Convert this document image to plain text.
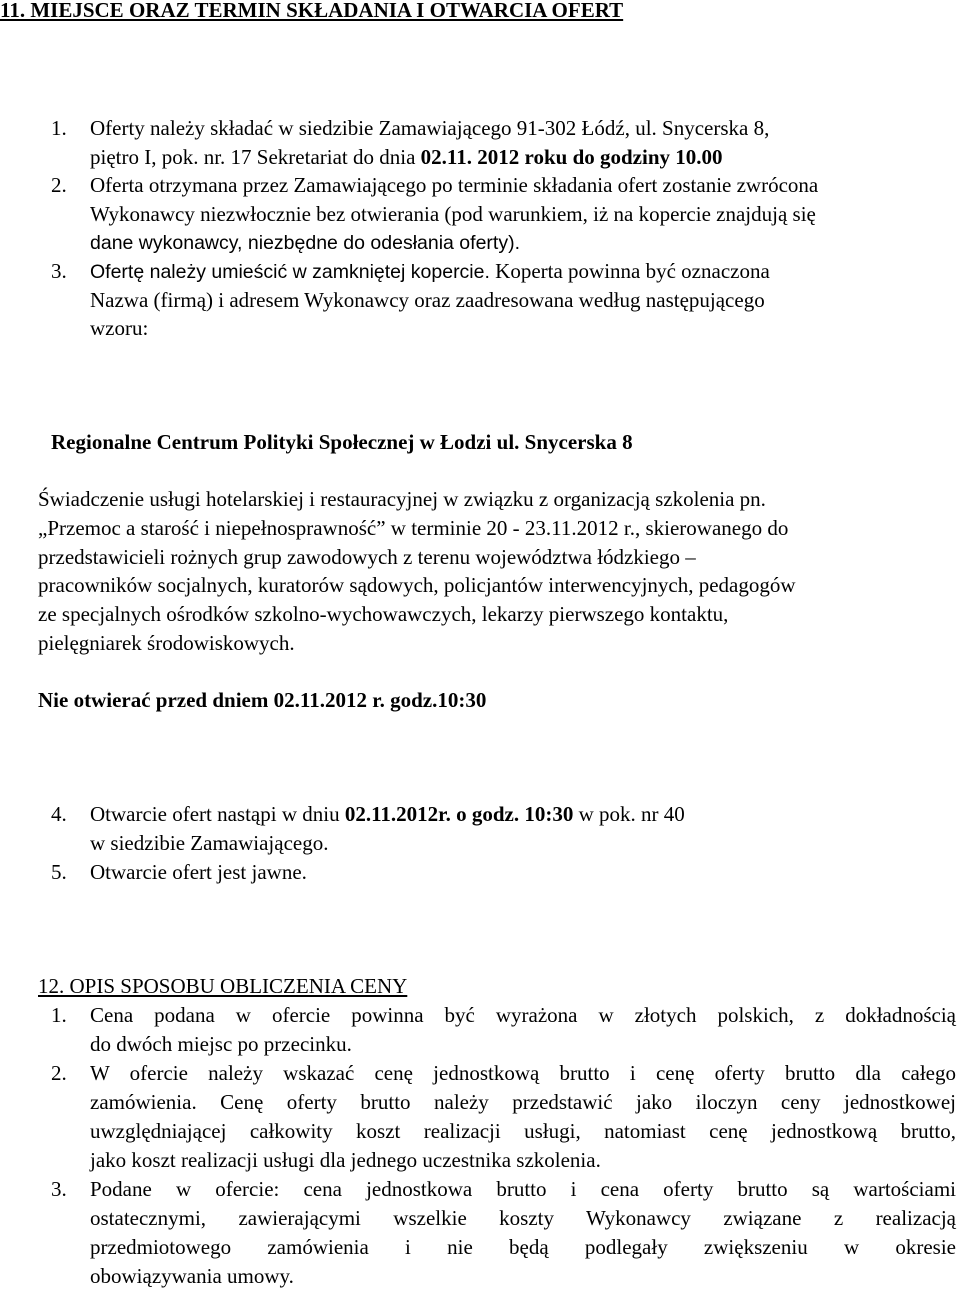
11. MIEJSCE ORAZ TERMIN SKŁADANIA I OTWARCIA OFERT
1. Oferty należy składać w siedzibie Zamawiającego 91-302 Łódź, ul. Snycerska 8,
piętro I, pok. nr. 17 Sekretariat do dnia 02.11. 2012 roku do godziny 10.00
2. Oferta otrzymana przez Zamawiającego po terminie składania ofert zostanie zwrócona
Wykonawcy niezwłocznie bez otwierania (pod warunkiem, iż na kopercie znajdują się
dane wykonawcy, niezbędne do odesłania oferty).
3. Ofertę należy umieścić w zamkniętej kopercie. Koperta powinna być oznaczona
Nazwa (firmą) i adresem Wykonawcy oraz zaadresowana według następującego
wzoru:
Regionalne Centrum Polityki Społecznej w Łodzi ul. Snycerska 8
Świadczenie usługi hotelarskiej i restauracyjnej w związku z organizacją szkolenia pn.
„Przemoc a starość i niepełnosprawność” w terminie 20 - 23.11.2012 r., skierowanego do
przedstawicieli rożnych grup zawodowych z terenu województwa łódzkiego –
pracowników socjalnych, kuratorów sądowych, policjantów interwencyjnych, pedagogów
ze specjalnych ośrodków szkolno-wychowawczych, lekarzy pierwszego kontaktu,
pielęgniarek środowiskowych.
Nie otwierać przed dniem 02.11.2012 r. godz.10:30
4. Otwarcie ofert nastąpi w dniu 02.11.2012r. o godz. 10:30 w pok. nr 40
w siedzibie Zamawiającego.
5. Otwarcie ofert jest jawne.
12. OPIS SPOSOBU OBLICZENIA CENY
1. Cena podana w ofercie powinna być wyrażona w złotych polskich, z dokładnością
do dwóch miejsc po przecinku.
2. W ofercie należy wskazać cenę jednostkową brutto i cenę oferty brutto dla całego
zamówienia. Cenę oferty brutto należy przedstawić jako iloczyn ceny jednostkowej
uwzględniającej całkowity koszt realizacji usługi, natomiast cenę jednostkową brutto,
jako koszt realizacji usługi dla jednego uczestnika szkolenia.
3. Podane w ofercie: cena jednostkowa brutto i cena oferty brutto są wartościami
ostatecznymi, zawierającymi wszelkie koszty Wykonawcy związane z realizacją
przedmiotowego zamówienia i nie będą podlegały zwiększeniu w okresie
obowiązywania umowy.
